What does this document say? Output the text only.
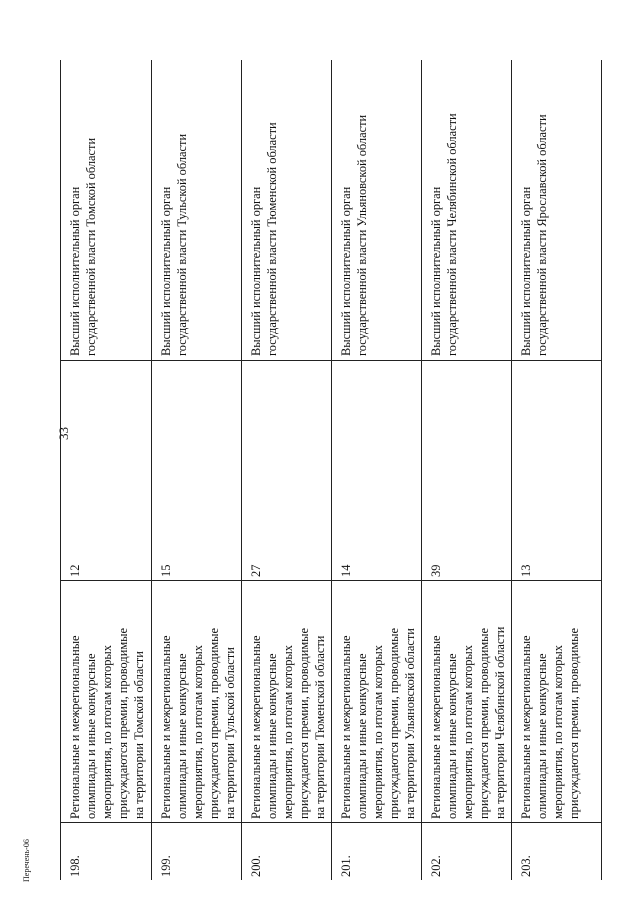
33
198.
Региональные и межрегиональные олимпиады и иные конкурсные мероприятия, по итогам которых присуждаются премии, проводимые на территории Томской области
12
Высший исполнительный орган государственной власти Томской области
199.
Региональные и межрегиональные олимпиады и иные конкурсные мероприятия, по итогам которых присуждаются премии, проводимые на территории Тульской области
15
Высший исполнительный орган государственной власти Тульской области
200.
Региональные и межрегиональные олимпиады и иные конкурсные мероприятия, по итогам которых присуждаются премии, проводимые на территории Тюменской области
27
Высший исполнительный орган государственной власти Тюменской области
201.
Региональные и межрегиональные олимпиады и иные конкурсные мероприятия, по итогам которых присуждаются премии, проводимые на территории Ульяновской области
14
Высший исполнительный орган государственной власти Ульяновской области
202.
Региональные и межрегиональные олимпиады и иные конкурсные мероприятия, по итогам которых присуждаются премии, проводимые на территории Челябинской области
39
Высший исполнительный орган государственной власти Челябинской области
203.
Региональные и межрегиональные олимпиады и иные конкурсные мероприятия, по итогам которых присуждаются премии, проводимые
13
Высший исполнительный орган государственной власти Ярославской области
Перечень-06
